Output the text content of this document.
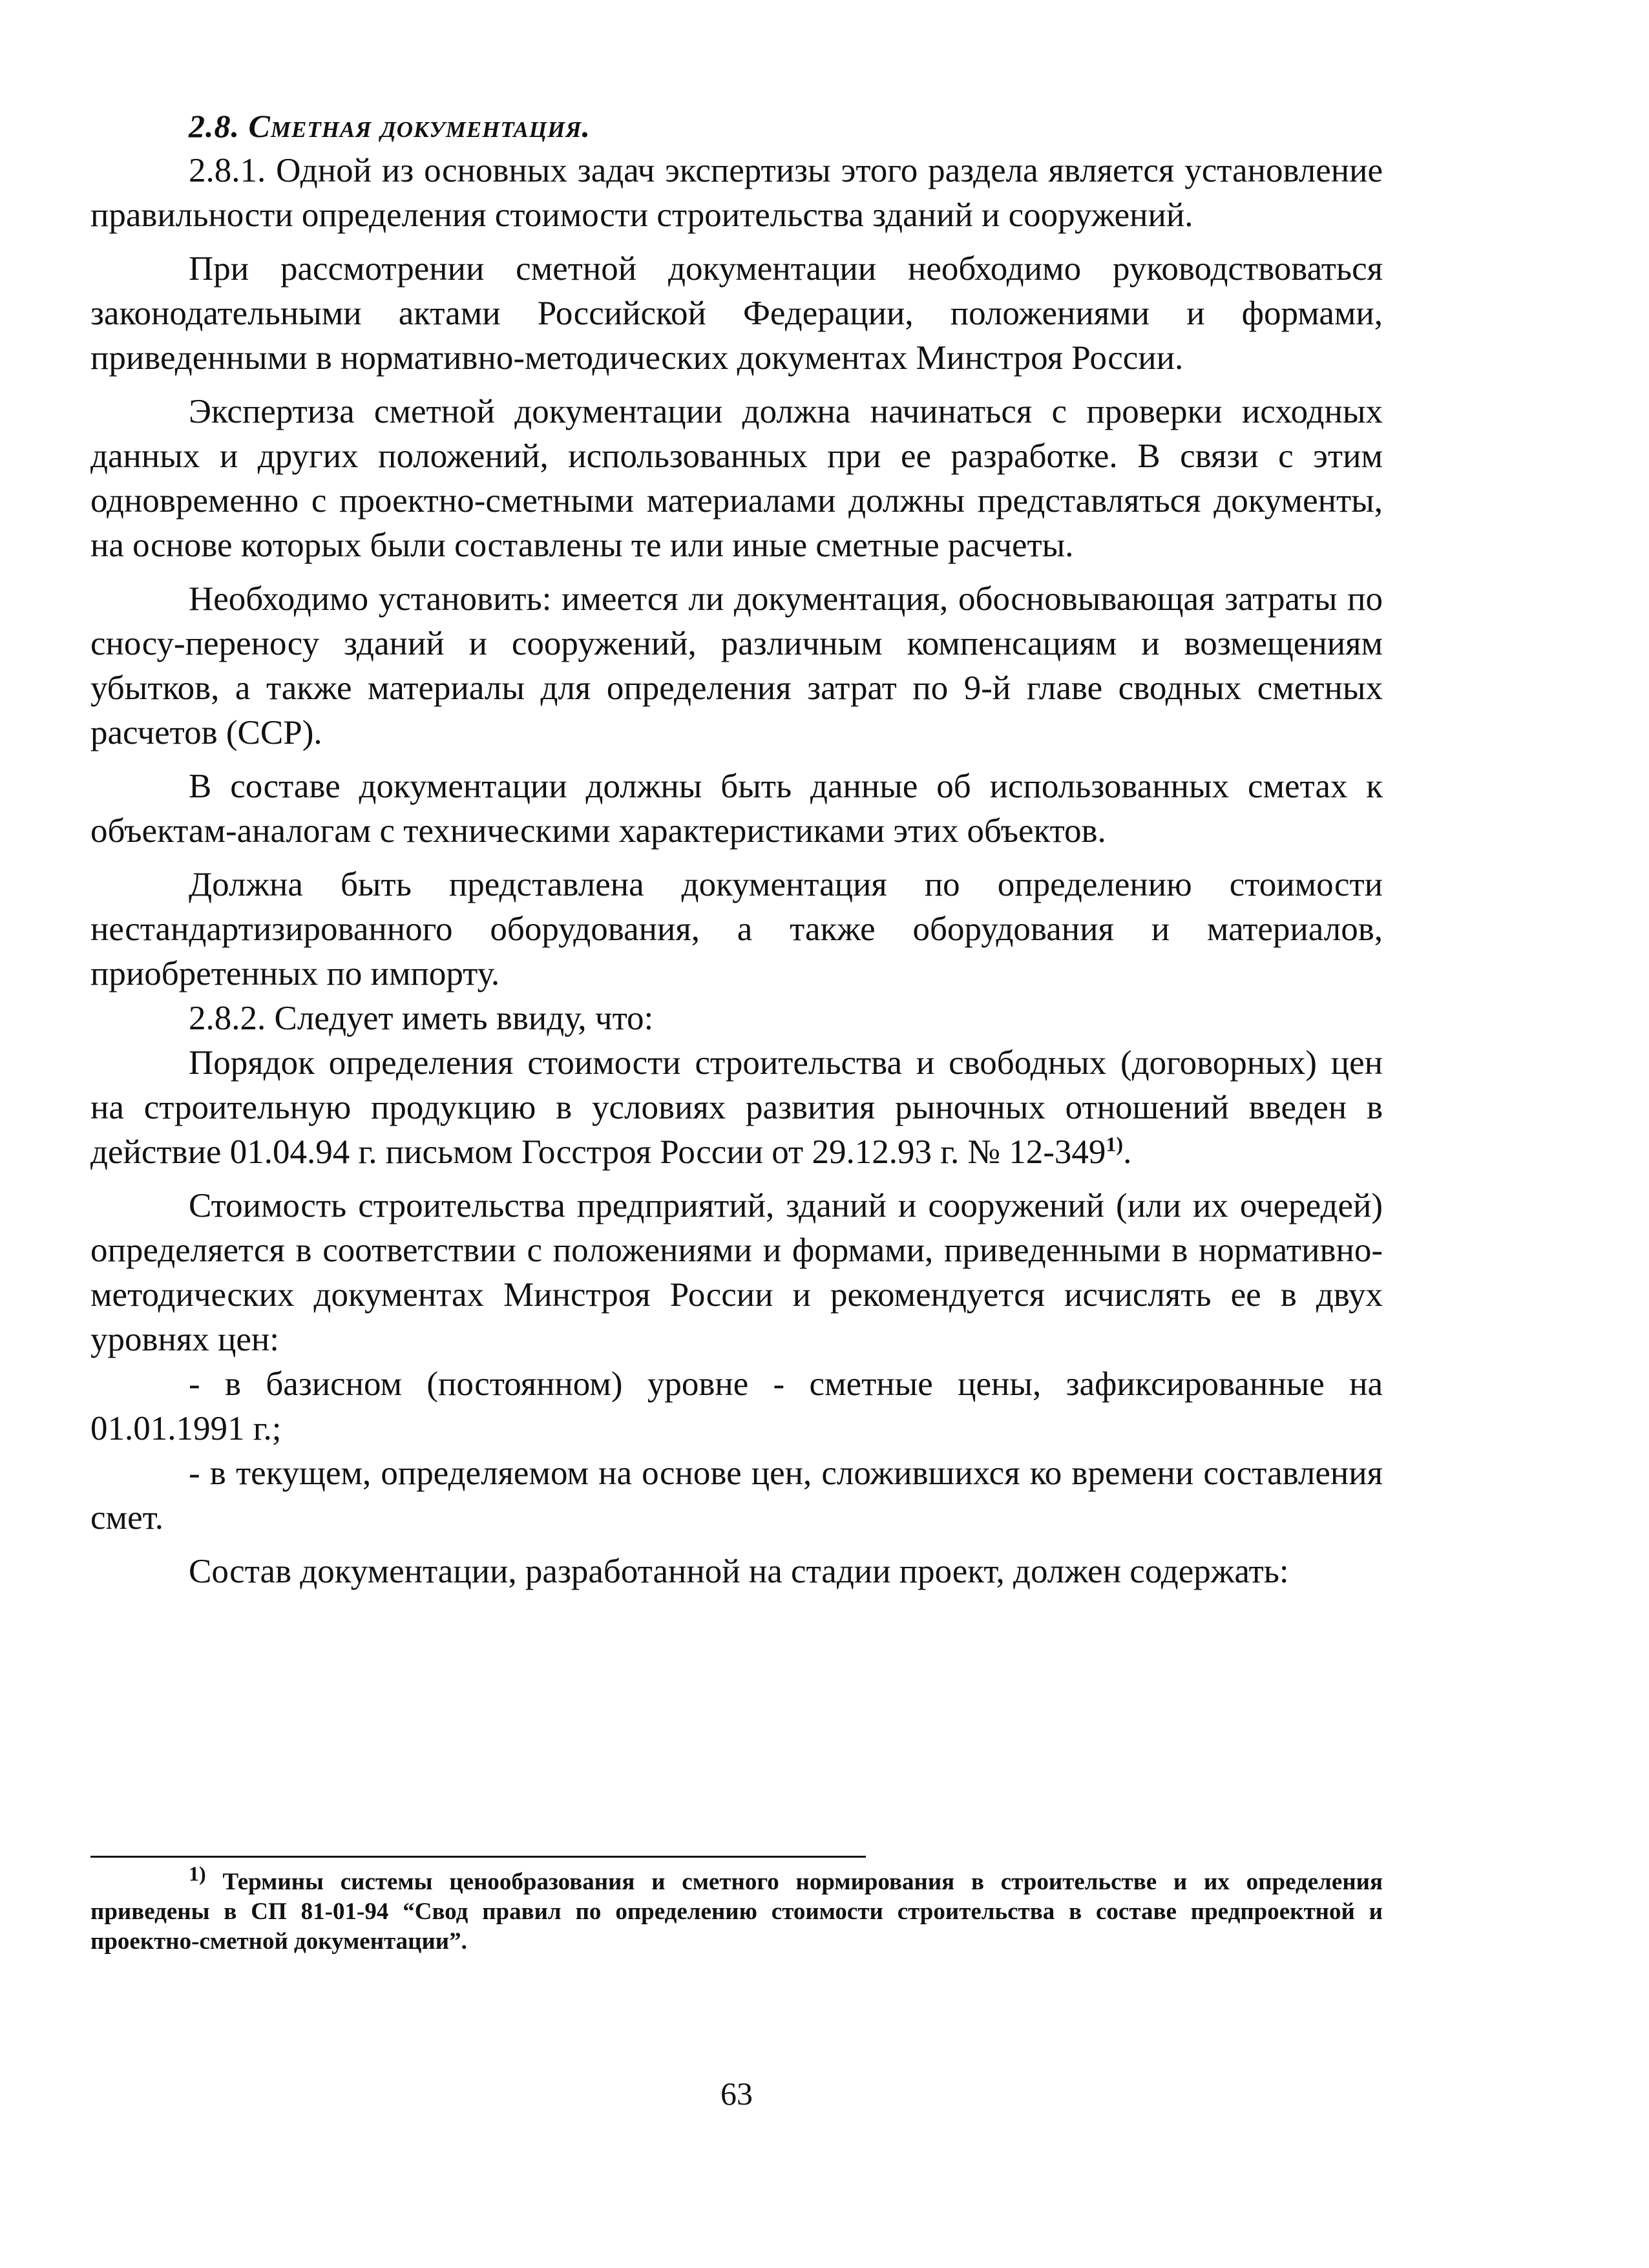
2.8. Сметная документация.

2.8.1. Одной из основных задач экспертизы этого раздела является установление правильности определения стоимости строительства зданий и сооружений.

При рассмотрении сметной документации необходимо руководствоваться законодательными актами Российской Федерации, положениями и формами, приведенными в нормативно-методических документах Минстроя России.

Экспертиза сметной документации должна начинаться с проверки исходных данных и других положений, использованных при ее разработке. В связи с этим одновременно с проектно-сметными материалами должны представляться документы, на основе которых были составлены те или иные сметные расчеты.

Необходимо установить: имеется ли документация, обосновывающая затраты по сносу-переносу зданий и сооружений, различным компенсациям и возмещениям убытков, а также материалы для определения затрат по 9-й главе сводных сметных расчетов (ССР).

В составе документации должны быть данные об использованных сметах к объектам-аналогам с техническими характеристиками этих объектов.

Должна быть представлена документация по определению стоимости нестандартизированного оборудования, а также оборудования и материалов, приобретенных по импорту.

2.8.2. Следует иметь ввиду, что:

Порядок определения стоимости строительства и свободных (договорных) цен на строительную продукцию в условиях развития рыночных отношений введен в действие 01.04.94 г. письмом Госстроя России от 29.12.93 г. № 12-349$^{1)}$.

Стоимость строительства предприятий, зданий и сооружений (или их очередей) определяется в соответствии с положениями и формами, приведенными в нормативно-методических документах Минстроя России и рекомендуется исчислять ее в двух уровнях цен:

- в базисном (постоянном) уровне - сметные цены, зафиксированные на 01.01.1991 г.;

- в текущем, определяемом на основе цен, сложившихся ко времени составления смет.

Состав документации, разработанной на стадии проект, должен содержать:

1) Термины системы ценообразования и сметного нормирования в строительстве и их определения приведены в СП 81-01-94 “Свод правил по определению стоимости строительства в составе предпроектной и проектно-сметной документации”.

63
